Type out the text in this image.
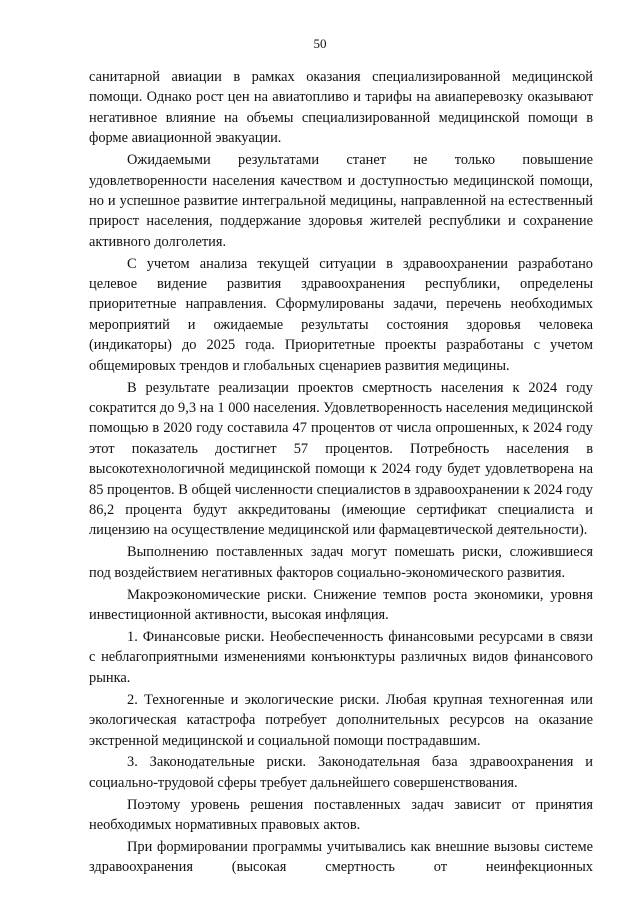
50

санитарной авиации в рамках оказания специализированной медицинской помощи. Однако рост цен на авиатопливо и тарифы на авиаперевозку оказывают негативное влияние на объемы специализированной медицинской помощи в форме авиационной эвакуации.

Ожидаемыми результатами станет не только повышение удовлетворенности населения качеством и доступностью медицинской помощи, но и успешное развитие интегральной медицины, направленной на естественный прирост населения, поддержание здоровья жителей республики и сохранение активного долголетия.

С учетом анализа текущей ситуации в здравоохранении разработано целевое видение развития здравоохранения республики, определены приоритетные направления. Сформулированы задачи, перечень необходимых мероприятий и ожидаемые результаты состояния здоровья человека (индикаторы) до 2025 года. Приоритетные проекты разработаны с учетом общемировых трендов и глобальных сценариев развития медицины.

В результате реализации проектов смертность населения к 2024 году сократится до 9,3 на 1 000 населения. Удовлетворенность населения медицинской помощью в 2020 году составила 47 процентов от числа опрошенных, к 2024 году этот показатель достигнет 57 процентов. Потребность населения в высокотехнологичной медицинской помощи к 2024 году будет удовлетворена на 85 процентов. В общей численности специалистов в здравоохранении к 2024 году 86,2 процента будут аккредитованы (имеющие сертификат специалиста и лицензию на осуществление медицинской или фармацевтической деятельности).

Выполнению поставленных задач могут помешать риски, сложившиеся под воздействием негативных факторов социально-экономического развития.

Макроэкономические риски. Снижение темпов роста экономики, уровня инвестиционной активности, высокая инфляция.

1. Финансовые риски. Необеспеченность финансовыми ресурсами в связи с неблагоприятными изменениями конъюнктуры различных видов финансового рынка.

2. Техногенные и экологические риски. Любая крупная техногенная или экологическая катастрофа потребует дополнительных ресурсов на оказание экстренной медицинской и социальной помощи пострадавшим.

3. Законодательные риски. Законодательная база здравоохранения и социально-трудовой сферы требует дальнейшего совершенствования.

Поэтому уровень решения поставленных задач зависит от принятия необходимых нормативных правовых актов.

При формировании программы учитывались как внешние вызовы системе здравоохранения (высокая смертность от неинфекционных
